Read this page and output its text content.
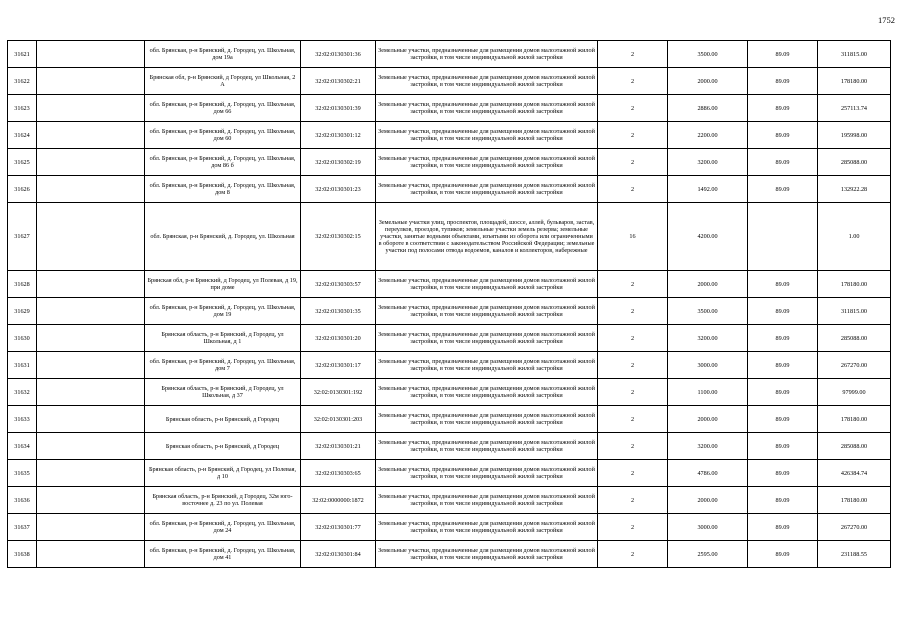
1752
31621		обл. Брянская, р-н Брянский, д. Городец, ул. Школьная, дом 19а	32:02:0130301:36	Земельные участки, предназначенные для размещения домов малоэтажной жилой застройки, в том числе индивидуальной жилой застройки	2	3500.00	89.09	311815.00
31622		Брянская обл, р-н Брянский, д Городец, ул Школьная, 2 А	32:02:0130302:21	Земельные участки, предназначенные для размещения домов малоэтажной жилой застройки, в том числе индивидуальной жилой застройки	2	2000.00	89.09	178180.00
31623		обл. Брянская, р-н Брянский, д. Городец, ул. Школьная, дом 66	32:02:0130301:39	Земельные участки, предназначенные для размещения домов малоэтажной жилой застройки, в том числе индивидуальной жилой застройки	2	2886.00	89.09	257113.74
31624		обл. Брянская, р-н Брянский, д. Городец, ул. Школьная, дом 60	32:02:0130301:12	Земельные участки, предназначенные для размещения домов малоэтажной жилой застройки, в том числе индивидуальной жилой застройки	2	2200.00	89.09	195998.00
31625		обл. Брянская, р-н Брянский, д. Городец, ул. Школьная, дом 86 б	32:02:0130302:19	Земельные участки, предназначенные для размещения домов малоэтажной жилой застройки, в том числе индивидуальной жилой застройки	2	3200.00	89.09	285088.00
31626		обл. Брянская, р-н Брянский, д. Городец, ул. Школьная, дом 8	32:02:0130301:23	Земельные участки, предназначенные для размещения домов малоэтажной жилой застройки, в том числе индивидуальной жилой застройки	2	1492.00	89.09	132922.28
31627		обл. Брянская, р-н Брянский, д. Городец, ул. Школьная	32:02:0130302:15	Земельные участки улиц, проспектов, площадей, шоссе, аллей, бульваров, застав, переулков, проездов, тупиков; земельные участки земель резерва; земельные участки, занятые водными объектами, изъятыми из оборота или ограниченными в обороте в соответствии с законодательством Российской Федерации; земельные участки под полосами отвода водоемов, каналов и коллекторов, набережные	16	4200.00		1.00
31628		Брянская обл, р-н Брянский, д Городец, ул Полевая, д 19, при доме	32:02:0130303:57	Земельные участки, предназначенные для размещения домов малоэтажной жилой застройки, в том числе индивидуальной жилой застройки	2	2000.00	89.09	178180.00
31629		обл. Брянская, р-н Брянский, д. Городец, ул. Школьная, дом 19	32:02:0130301:35	Земельные участки, предназначенные для размещения домов малоэтажной жилой застройки, в том числе индивидуальной жилой застройки	2	3500.00	89.09	311815.00
31630		Брянская область, р-н Брянский, д Городец, ул Школьная, д 1	32:02:0130301:20	Земельные участки, предназначенные для размещения домов малоэтажной жилой застройки, в том числе индивидуальной жилой застройки	2	3200.00	89.09	285088.00
31631		обл. Брянская, р-н Брянский, д. Городец, ул. Школьная, дом 7	32:02:0130301:17	Земельные участки, предназначенные для размещения домов малоэтажной жилой застройки, в том числе индивидуальной жилой застройки	2	3000.00	89.09	267270.00
31632		Брянская область, р-н Брянский, д Городец, ул Школьная, д 37	32:02:0130301:192	Земельные участки, предназначенные для размещения домов малоэтажной жилой застройки, в том числе индивидуальной жилой застройки	2	1100.00	89.09	97999.00
31633		Брянская область, р-н Брянский, д Городец	32:02:0130301:203	Земельные участки, предназначенные для размещения домов малоэтажной жилой застройки, в том числе индивидуальной жилой застройки	2	2000.00	89.09	178180.00
31634		Брянская область, р-н Брянский, д Городец	32:02:0130301:21	Земельные участки, предназначенные для размещения домов малоэтажной жилой застройки, в том числе индивидуальной жилой застройки	2	3200.00	89.09	285088.00
31635		Брянская область, р-н Брянский, д Городец, ул Полевая, д 10	32:02:0130303:65	Земельные участки, предназначенные для размещения домов малоэтажной жилой застройки, в том числе индивидуальной жилой застройки	2	4786.00	89.09	426384.74
31636		Брянская область, р-н Брянский, д Городец, 32м юго-восточнее д. 23 по ул. Полевая	32:02:0000000:1872	Земельные участки, предназначенные для размещения домов малоэтажной жилой застройки, в том числе индивидуальной жилой застройки	2	2000.00	89.09	178180.00
31637		обл. Брянская, р-н Брянский, д. Городец, ул. Школьная, дом 24	32:02:0130301:77	Земельные участки, предназначенные для размещения домов малоэтажной жилой застройки, в том числе индивидуальной жилой застройки	2	3000.00	89.09	267270.00
31638		обл. Брянская, р-н Брянский, д. Городец, ул. Школьная, дом 41	32:02:0130301:84	Земельные участки, предназначенные для размещения домов малоэтажной жилой застройки, в том числе индивидуальной жилой застройки	2	2595.00	89.09	231188.55
